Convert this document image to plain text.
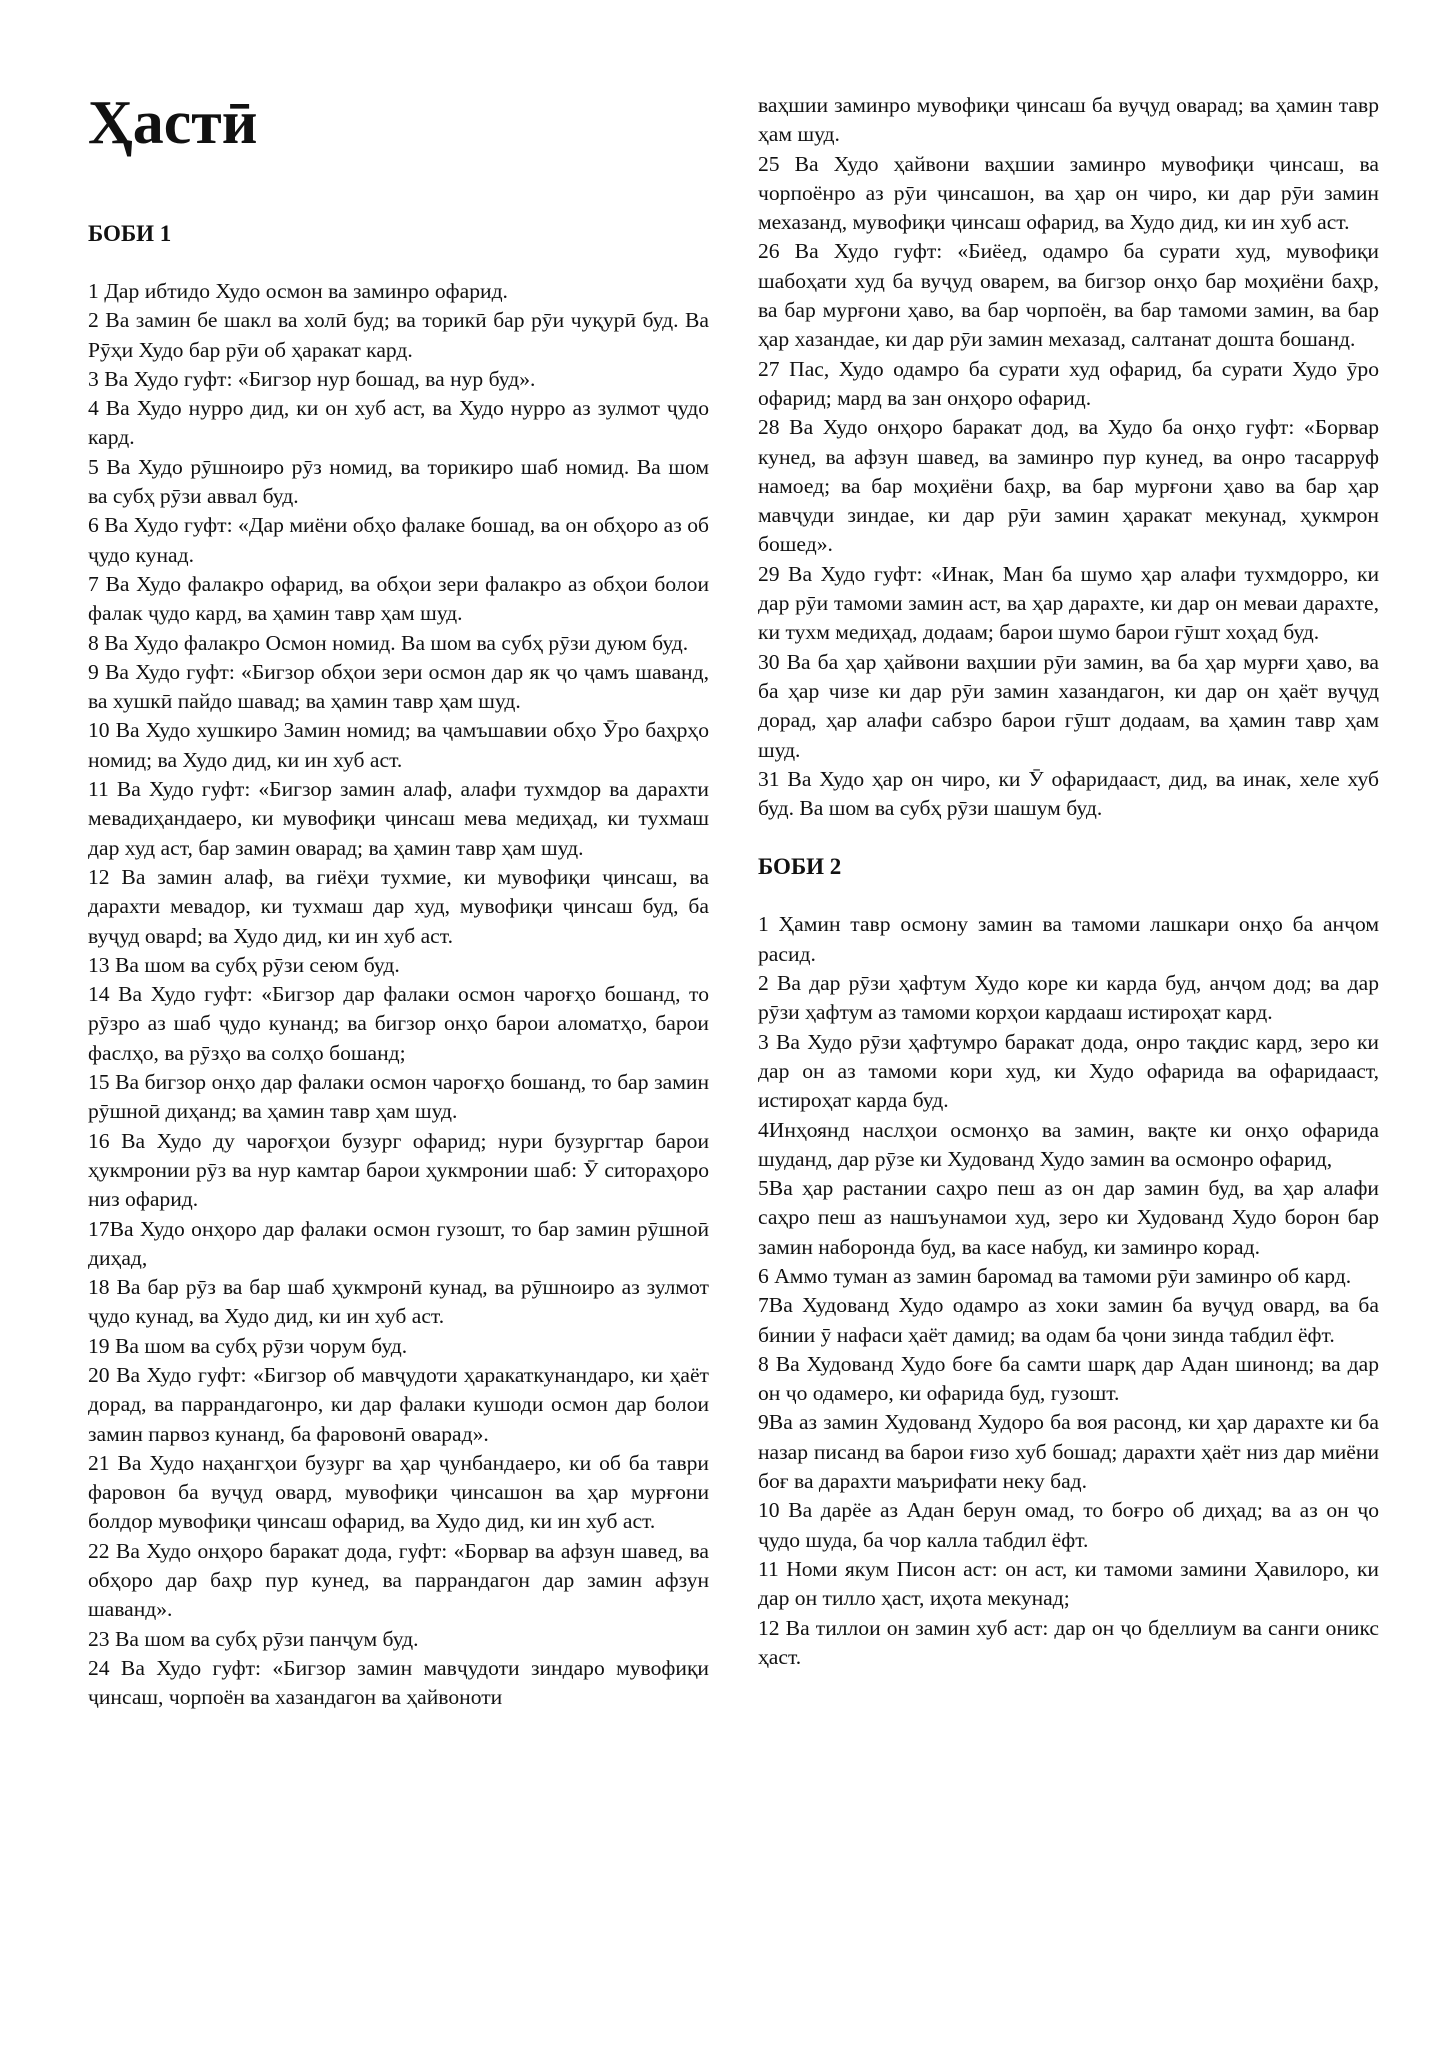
Ҳастӣ
БОБИ 1

1 Дар ибтидо Худо осмон ва заминро офарид.

2 Ва замин бе шакл ва холӣ буд; ва торикӣ бар рӯи чуқурӣ буд. Ва Рӯҳи Худо бар рӯи об ҳаракат кард.

3 Ва Худо гуфт: «Бигзор нур бошад, ва нур буд».

4 Ва Худо нурро дид, ки он хуб аст, ва Худо нурро аз зулмот ҷудо кард.

5 Ва Худо рӯшноиро рӯз номид, ва торикиро шаб номид. Ва шом ва субҳ рӯзи аввал буд.

6 Ва Худо гуфт: «Дар миёни обҳо фалаке бошад, ва он обҳоро аз об ҷудо кунад.

7 Ва Худо фалакро офарид, ва обҳои зери фалакро аз обҳои болои фалак ҷудо кард, ва ҳамин тавр ҳам шуд.

8 Ва Худо фалакро Осмон номид. Ва шом ва субҳ рӯзи дуюм буд.

9 Ва Худо гуфт: «Бигзор обҳои зери осмон дар як ҷо ҷамъ шаванд, ва хушкӣ пайдо шавад; ва ҳамин тавр ҳам шуд.

10 Ва Худо хушкиро Замин номид; ва ҷамъшавии обҳо Ӯро баҳрҳо номид; ва Худо дид, ки ин хуб аст.

11 Ва Худо гуфт: «Бигзор замин алаф, алафи тухмдор ва дарахти мевадиҳандаеро, ки мувофиқи ҷинсаш мева медиҳад, ки тухмаш дар худ аст, бар замин оварад; ва ҳамин тавр ҳам шуд.

12 Ва замин алаф, ва гиёҳи тухмие, ки мувофиқи ҷинсаш, ва дарахти мевадор, ки тухмаш дар худ, мувофиқи ҷинсаш буд, ба вуҷуд оварd; ва Худо дид, ки ин хуб аст.

13 Ва шом ва субҳ рӯзи сеюм буд.

14 Ва Худо гуфт: «Бигзор дар фалаки осмон чароғҳо бошанд, то рӯзро аз шаб ҷудо кунанд; ва бигзор онҳо барои аломатҳо, барои фаслҳо, ва рӯзҳо ва солҳо бошанд;

15 Ва бигзор онҳо дар фалаки осмон чароғҳо бошанд, то бар замин рӯшноӣ диҳанд; ва ҳамин тавр ҳам шуд.

16 Ва Худо ду чароғҳои бузург офарид; нури бузургтар барои ҳукмронии рӯз ва нур камтар барои ҳукмронии шаб: Ӯ ситораҳоро низ офарид.

17Ва Худо онҳоро дар фалаки осмон гузошт, то бар замин рӯшноӣ диҳад,

18 Ва бар рӯз ва бар шаб ҳукмронӣ кунад, ва рӯшноиро аз зулмот ҷудо кунад, ва Худо дид, ки ин хуб аст.

19 Ва шом ва субҳ рӯзи чорум буд.

20 Ва Худо гуфт: «Бигзор об мавҷудоти ҳаракаткунандаро, ки ҳаёт дорад, ва паррандагонро, ки дар фалаки кушоди осмон дар болои замин парвоз кунанд, ба фаровонӣ оварад».

21 Ва Худо наҳангҳои бузург ва ҳар ҷунбандаеро, ки об ба таври фаровон ба вуҷуд овард, мувофиқи ҷинсашон ва ҳар мурғони болдор мувофиқи ҷинсаш офарид, ва Худо дид, ки ин хуб аст.

22 Ва Худо онҳоро баракат дода, гуфт: «Борвар ва афзун шавед, ва обҳоро дар баҳр пур кунед, ва паррандагон дар замин афзун шаванд».

23 Ва шом ва субҳ рӯзи панҷум буд.

24 Ва Худо гуфт: «Бигзор замин мавҷудоти зиндаро мувофиқи ҷинсаш, чорпоён ва хазандагон ва ҳайвоноти

ваҳшии заминро мувофиқи ҷинсаш ба вуҷуд оварад; ва ҳамин тавр ҳам шуд.

25 Ва Худо ҳайвони ваҳшии заминро мувофиқи ҷинсаш, ва чорпоёнро аз рӯи ҷинсашон, ва ҳар он чиро, ки дар рӯи замин мехазанд, мувофиқи ҷинсаш офарид, ва Худо дид, ки ин хуб аст.

26 Ва Худо гуфт: «Биёед, одамро ба сурати худ, мувофиқи шабоҳати худ ба вуҷуд оварем, ва бигзор онҳо бар моҳиёни баҳр, ва бар мурғони ҳаво, ва бар чорпоён, ва бар тамоми замин, ва бар ҳар хазандае, ки дар рӯи замин мехазад, салтанат дошта бошанд.

27 Пас, Худо одамро ба сурати худ офарид, ба сурати Худо ӯро офарид; мард ва зан онҳоро офарид.

28 Ва Худо онҳоро баракат дод, ва Худо ба онҳо гуфт: «Борвар кунед, ва афзун шавед, ва заминро пур кунед, ва онро тасарруф намоед; ва бар моҳиёни баҳр, ва бар мурғони ҳаво ва бар ҳар мавҷуди зиндае, ки дар рӯи замин ҳаракат мекунад, ҳукмрон бошед».

29 Ва Худо гуфт: «Инак, Ман ба шумо ҳар алафи тухмдорро, ки дар рӯи тамоми замин аст, ва ҳар дарахте, ки дар он меваи дарахте, ки тухм медиҳад, додаам; барои шумо барои гӯшт хоҳад буд.

30 Ва ба ҳар ҳайвони ваҳшии рӯи замин, ва ба ҳар мурғи ҳаво, ва ба ҳар чизе ки дар рӯи замин хазандагон, ки дар он ҳаёт вуҷуд дорад, ҳар алафи сабзро барои гӯшт додаам, ва ҳамин тавр ҳам шуд.

31 Ва Худо ҳар он чиро, ки Ӯ офаридааст, дид, ва инак, хеле хуб буд. Ва шом ва субҳ рӯзи шашум буд.

БОБИ 2

1 Ҳамин тавр осмону замин ва тамоми лашкари онҳо ба анҷом расид.

2 Ва дар рӯзи ҳафтум Худо коре ки карда буд, анҷом дод; ва дар рӯзи ҳафтум аз тамоми корҳои кардааш истироҳат кард.

3 Ва Худо рӯзи ҳафтумро баракат дода, онро тақдис кард, зеро ки дар он аз тамоми кори худ, ки Худо офарида ва офаридааст, истироҳат карда буд.

4Инҳоянд наслҳои осмонҳо ва замин, вақте ки онҳо офарида шуданд, дар рӯзе ки Худованд Худо замин ва осмонро офарид,

5Ва ҳар растании саҳро пеш аз он дар замин буд, ва ҳар алафи саҳро пеш аз нашъунамои худ, зеро ки Худованд Худо борон бар замин наборонда буд, ва касе набуд, ки заминро корад.

6 Аммо туман аз замин баромад ва тамоми рӯи заминро об кард.

7Ва Худованд Худо одамро аз хоки замин ба вуҷуд овард, ва ба бинии ӯ нафаси ҳаёт дамид; ва одам ба ҷони зинда табдил ёфт.

8 Ва Худованд Худо боғе ба самти шарқ дар Адан шинонд; ва дар он ҷо одамеро, ки офарида буд, гузошт.

9Ва аз замин Худованд Худоро ба воя расонд, ки ҳар дарахте ки ба назар писанд ва барои ғизо хуб бошад; дарахти ҳаёт низ дар миёни боғ ва дарахти маърифати неку бад.

10 Ва дарёе аз Адан берун омад, то боғро об диҳад; ва аз он ҷо ҷудо шуда, ба чор калла табдил ёфт.

11 Номи якум Писон аст: он аст, ки тамоми замини Ҳавилоро, ки дар он тилло ҳаст, иҳота мекунад;

12 Ва тиллои он замин хуб аст: дар он ҷо бделлиум ва санги оникс ҳаст.
